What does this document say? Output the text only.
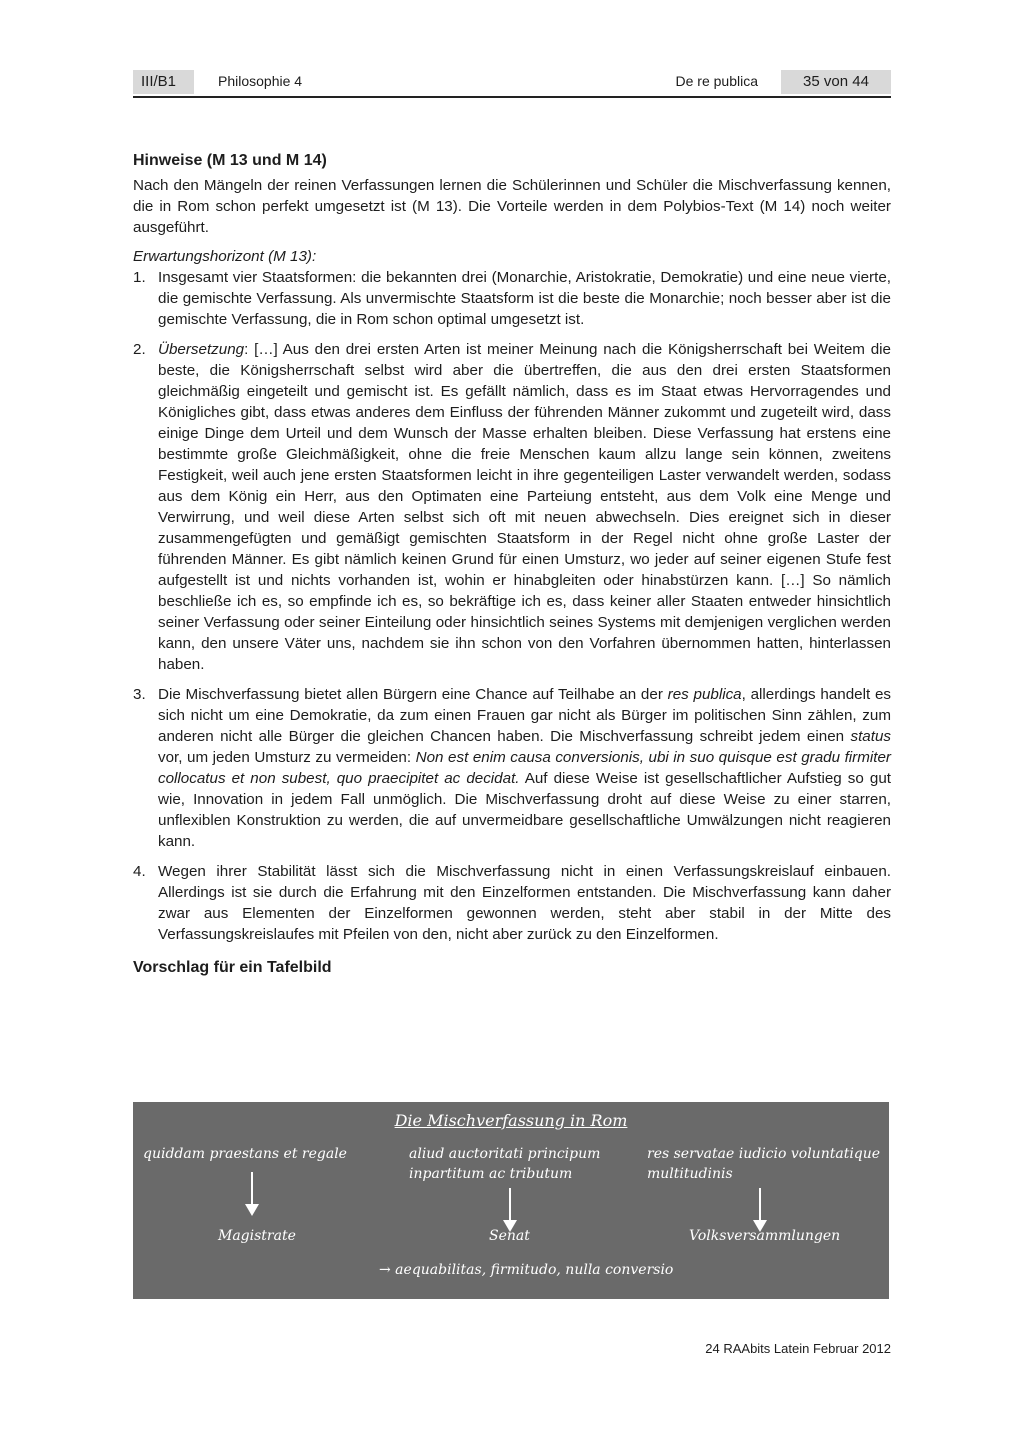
III/B1	Philosophie 4	De re publica	35 von 44

Hinweise (M 13 und M 14)

Nach den Mängeln der reinen Verfassungen lernen die Schülerinnen und Schüler die Mischverfassung kennen, die in Rom schon perfekt umgesetzt ist (M 13). Die Vorteile werden in dem Polybios-Text (M 14) noch weiter ausgeführt.

Erwartungshorizont (M 13):

1. Insgesamt vier Staatsformen: die bekannten drei (Monarchie, Aristokratie, Demokratie) und eine neue vierte, die gemischte Verfassung. Als unvermischte Staatsform ist die beste die Monarchie; noch besser aber ist die gemischte Verfassung, die in Rom schon optimal umgesetzt ist.
2. Übersetzung: […] Aus den drei ersten Arten ist meiner Meinung nach die Königsherrschaft bei Weitem die beste, die Königsherrschaft selbst wird aber die übertreffen, die aus den drei ersten Staatsformen gleichmäßig eingeteilt und gemischt ist. Es gefällt nämlich, dass es im Staat etwas Hervorragendes und Königliches gibt, dass etwas anderes dem Einfluss der führenden Männer zukommt und zugeteilt wird, dass einige Dinge dem Urteil und dem Wunsch der Masse erhalten bleiben. Diese Verfassung hat erstens eine bestimmte große Gleichmäßigkeit, ohne die freie Menschen kaum allzu lange sein können, zweitens Festigkeit, weil auch jene ersten Staatsformen leicht in ihre gegenteiligen Laster verwandelt werden, sodass aus dem König ein Herr, aus den Optimaten eine Parteiung entsteht, aus dem Volk eine Menge und Verwirrung, und weil diese Arten selbst sich oft mit neuen abwechseln. Dies ereignet sich in dieser zusammengefügten und gemäßigt gemischten Staatsform in der Regel nicht ohne große Laster der führenden Männer. Es gibt nämlich keinen Grund für einen Umsturz, wo jeder auf seiner eigenen Stufe fest aufgestellt ist und nichts vorhanden ist, wohin er hinabgleiten oder hinabstürzen kann. […] So nämlich beschließe ich es, so empfinde ich es, so bekräftige ich es, dass keiner aller Staaten entweder hinsichtlich seiner Verfassung oder seiner Einteilung oder hinsichtlich seines Systems mit demjenigen verglichen werden kann, den unsere Väter uns, nachdem sie ihn schon von den Vorfahren übernommen hatten, hinterlassen haben.
3. Die Mischverfassung bietet allen Bürgern eine Chance auf Teilhabe an der res publica, allerdings handelt es sich nicht um eine Demokratie, da zum einen Frauen gar nicht als Bürger im politischen Sinn zählen, zum anderen nicht alle Bürger die gleichen Chancen haben. Die Mischverfassung schreibt jedem einen status vor, um jeden Umsturz zu vermeiden: Non est enim causa conversionis, ubi in suo quisque est gradu firmiter collocatus et non subest, quo praecipitet ac decidat. Auf diese Weise ist gesellschaftlicher Aufstieg so gut wie, Innovation in jedem Fall unmöglich. Die Mischverfassung droht auf diese Weise zu einer starren, unflexiblen Konstruktion zu werden, die auf unvermeidbare gesellschaftliche Umwälzungen nicht reagieren kann.
4. Wegen ihrer Stabilität lässt sich die Mischverfassung nicht in einen Verfassungskreislauf einbauen. Allerdings ist sie durch die Erfahrung mit den Einzelformen entstanden. Die Mischverfassung kann daher zwar aus Elementen der Einzelformen gewonnen werden, steht aber stabil in der Mitte des Verfassungskreislaufes mit Pfeilen von den, nicht aber zurück zu den Einzelformen.

Vorschlag für ein Tafelbild

Die Mischverfassung in Rom
quiddam praestans et regale	aliud auctoritati principum
inpartitum ac tributum
res servatae iudicio voluntatique
multitudinis
Magistrate	Senat	Volksversammlungen
→ aequabilitas, firmitudo, nulla conversio
24 RAAbits Latein Februar 2012
